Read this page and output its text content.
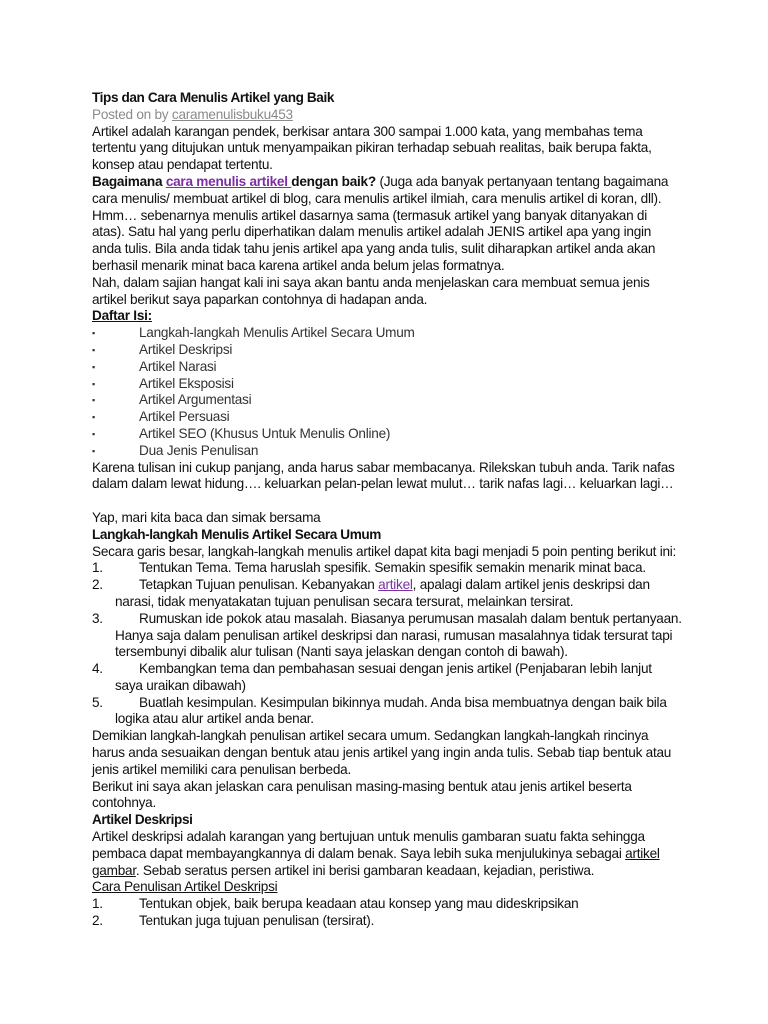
Tips dan Cara Menulis Artikel yang Baik

Posted on by caramenulisbuku453

Artikel adalah karangan pendek, berkisar antara 300 sampai 1.000 kata, yang membahas tema tertentu yang ditujukan untuk menyampaikan pikiran terhadap sebuah realitas, baik berupa fakta, konsep atau pendapat tertentu.

Bagaimana cara menulis artikel dengan baik? (Juga ada banyak pertanyaan tentang bagaimana cara menulis/ membuat artikel di blog, cara menulis artikel ilmiah, cara menulis artikel di koran, dll).

Hmm… sebenarnya menulis artikel dasarnya sama (termasuk artikel yang banyak ditanyakan di atas). Satu hal yang perlu diperhatikan dalam menulis artikel adalah JENIS artikel apa yang ingin anda tulis. Bila anda tidak tahu jenis artikel apa yang anda tulis, sulit diharapkan artikel anda akan berhasil menarik minat baca karena artikel anda belum jelas formatnya.

Nah, dalam sajian hangat kali ini saya akan bantu anda menjelaskan cara membuat semua jenis artikel berikut saya paparkan contohnya di hadapan anda.

Daftar Isi:

▪	Langkah-langkah Menulis Artikel Secara Umum
▪	Artikel Deskripsi
▪	Artikel Narasi
▪	Artikel Eksposisi
▪	Artikel Argumentasi
▪	Artikel Persuasi
▪	Artikel SEO (Khusus Untuk Menulis Online)
▪	Dua Jenis Penulisan

Karena tulisan ini cukup panjang, anda harus sabar membacanya. Rilekskan tubuh anda. Tarik nafas dalam dalam lewat hidung…. keluarkan pelan-pelan lewat mulut… tarik nafas lagi… keluarkan lagi…

Yap, mari kita baca dan simak bersama

Langkah-langkah Menulis Artikel Secara Umum

Secara garis besar, langkah-langkah menulis artikel dapat kita bagi menjadi 5 poin penting berikut ini:

1.	Tentukan Tema. Tema haruslah spesifik. Semakin spesifik semakin menarik minat baca.
2.	Tetapkan Tujuan penulisan. Kebanyakan artikel, apalagi dalam artikel jenis deskripsi dan narasi, tidak menyatakatan tujuan penulisan secara tersurat, melainkan tersirat.
3.	Rumuskan ide pokok atau masalah. Biasanya perumusan masalah dalam bentuk pertanyaan. Hanya saja dalam penulisan artikel deskripsi dan narasi, rumusan masalahnya tidak tersurat tapi tersembunyi dibalik alur tulisan (Nanti saya jelaskan dengan contoh di bawah).
4.	Kembangkan tema dan pembahasan sesuai dengan jenis artikel (Penjabaran lebih lanjut saya uraikan dibawah)
5.	Buatlah kesimpulan. Kesimpulan bikinnya mudah. Anda bisa membuatnya dengan baik bila logika atau alur artikel anda benar.

Demikian langkah-langkah penulisan artikel secara umum. Sedangkan langkah-langkah rincinya harus anda sesuaikan dengan bentuk atau jenis artikel yang ingin anda tulis. Sebab tiap bentuk atau jenis artikel memiliki cara penulisan berbeda.

Berikut ini saya akan jelaskan cara penulisan masing-masing bentuk atau jenis artikel beserta contohnya.

Artikel Deskripsi

Artikel deskripsi adalah karangan yang bertujuan untuk menulis gambaran suatu fakta sehingga pembaca dapat membayangkannya di dalam benak. Saya lebih suka menjulukinya sebagai artikel gambar. Sebab seratus persen artikel ini berisi gambaran keadaan, kejadian, peristiwa.

Cara Penulisan Artikel Deskripsi

1.	Tentukan objek, baik berupa keadaan atau konsep yang mau dideskripsikan
2.	Tentukan juga tujuan penulisan (tersirat).
